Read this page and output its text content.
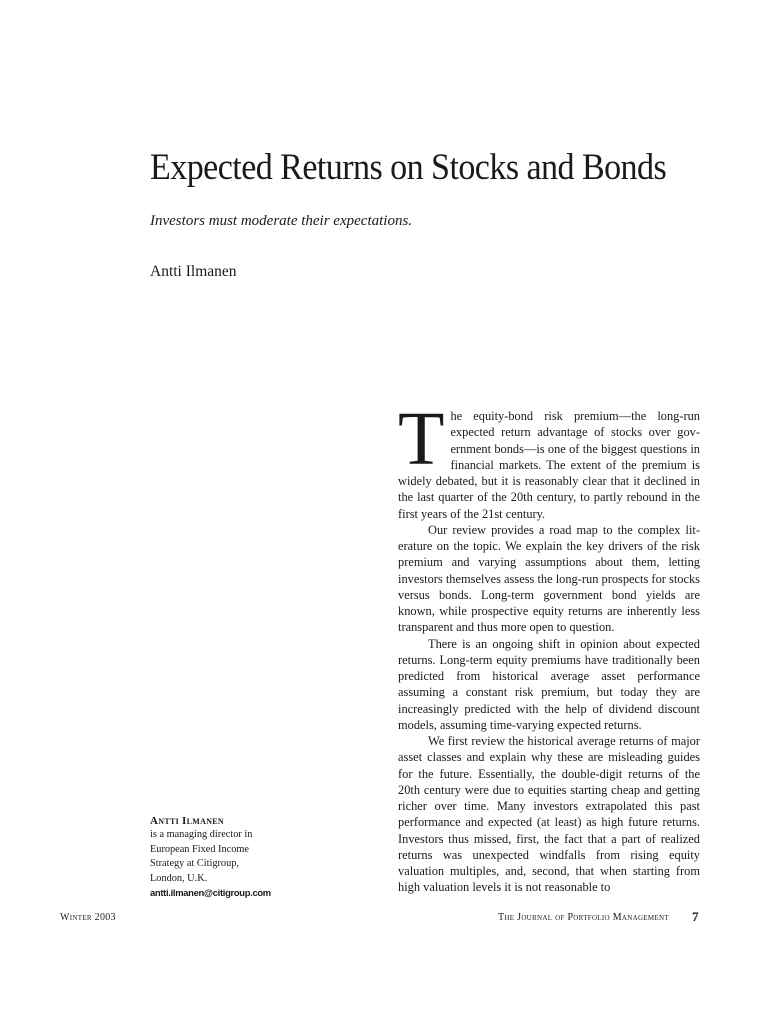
Expected Returns on Stocks and Bonds

Investors must moderate their expectations.

Antti Ilmanen

The equity-bond risk premium—the long-run expected return advantage of stocks over government bonds—is one of the biggest questions in financial markets. The extent of the premium is widely debated, but it is reasonably clear that it declined in the last quarter of the 20th century, to partly rebound in the first years of the 21st century.

Our review provides a road map to the complex literature on the topic. We explain the key drivers of the risk premium and varying assumptions about them, letting investors themselves assess the long-run prospects for stocks versus bonds. Long-term government bond yields are known, while prospective equity returns are inherently less transparent and thus more open to question.

There is an ongoing shift in opinion about expected returns. Long-term equity premiums have traditionally been predicted from historical average asset performance assuming a constant risk premium, but today they are increasingly predicted with the help of dividend discount models, assuming time-varying expected returns.

We first review the historical average returns of major asset classes and explain why these are misleading guides for the future. Essentially, the double-digit returns of the 20th century were due to equities starting cheap and getting richer over time. Many investors extrapolated this past performance and expected (at least) as high future returns. Investors thus missed, first, the fact that a part of realized returns was unexpected windfalls from rising equity valuation multiples, and, second, that when starting from high valuation levels it is not reasonable to

Antti Ilmanen
is a managing director in
European Fixed Income
Strategy at Citigroup,
London, U.K.
antti.ilmanen@citigroup.com
Winter 2003	The Journal of Portfolio Management	7
